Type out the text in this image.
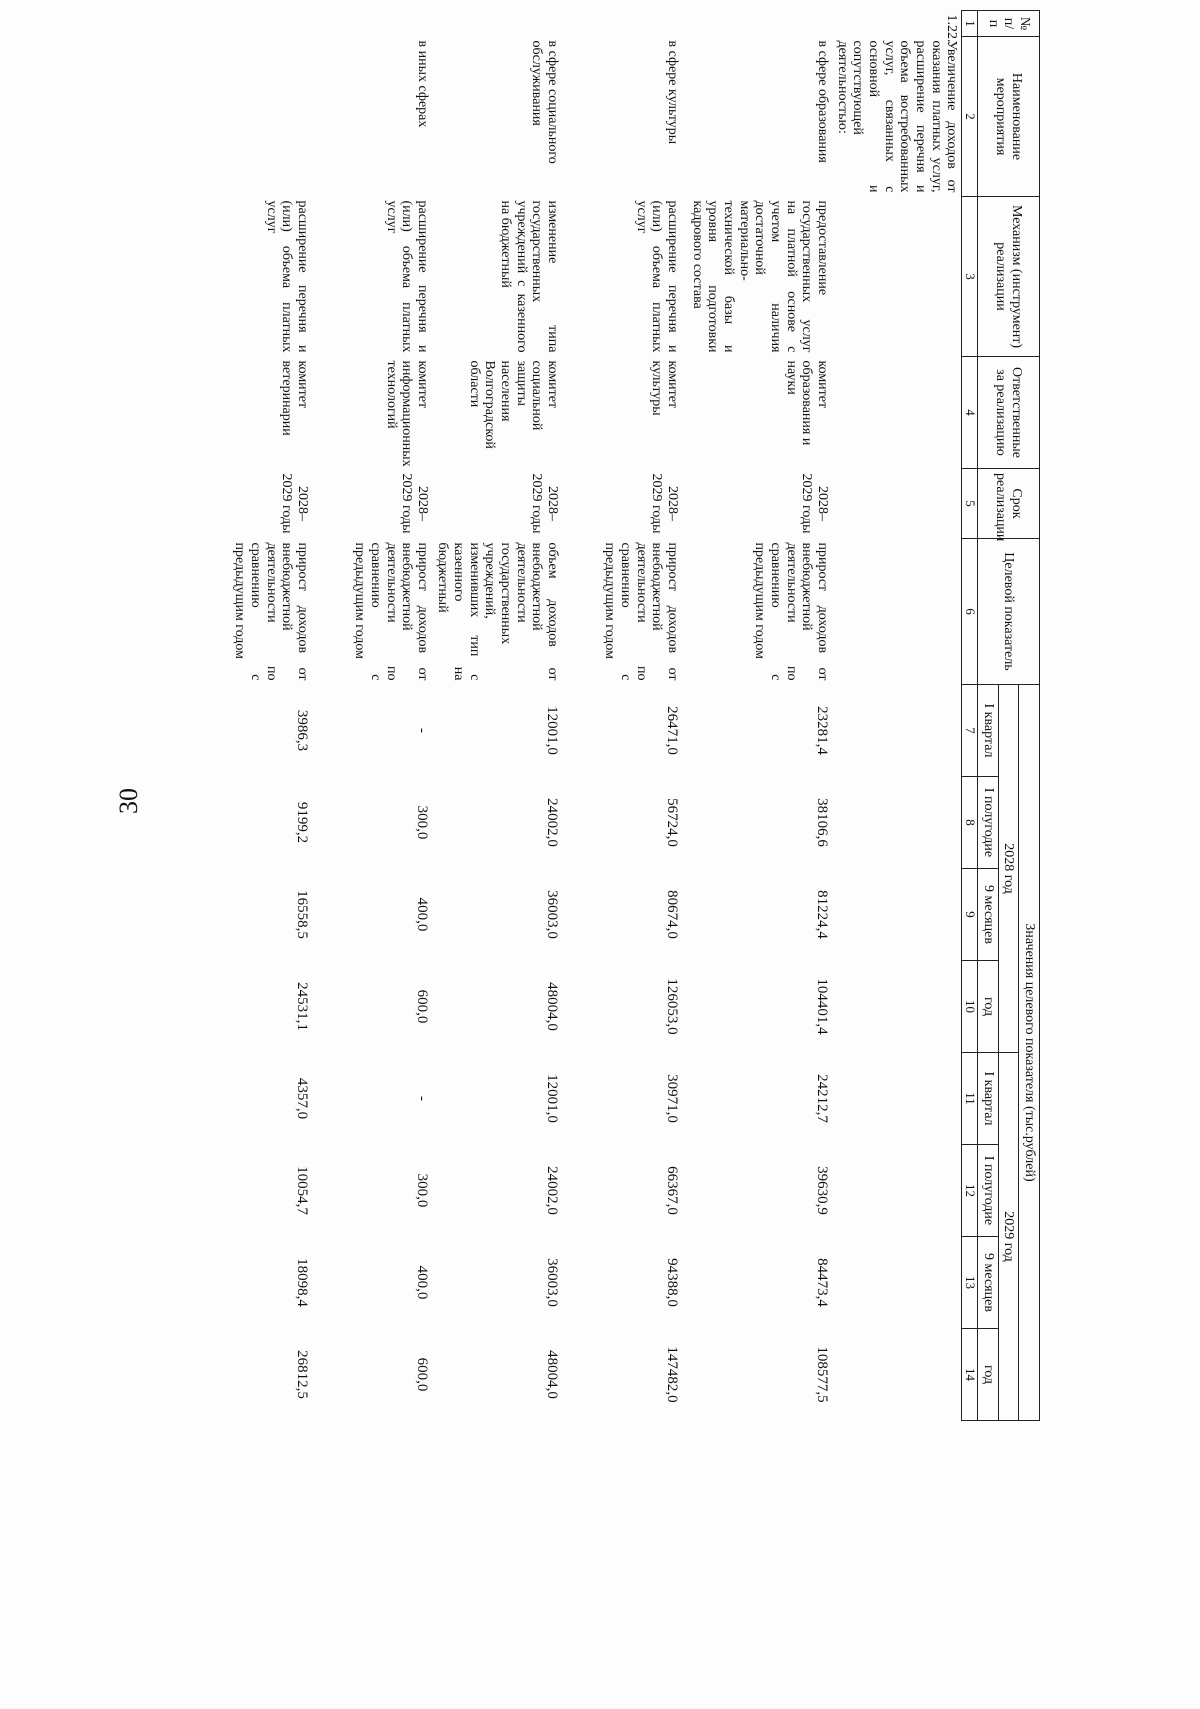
30
№ п/п	Наименование мероприятия	Механизм (инструмент) реализации	Ответственные за реализацию	Срок реализации	Целевой показатель	Значения целевого показателя (тыс.рублей)							
						2028 год				2029 год			
						I квартал	I полугодие	9 месяцев	год	I квартал	I полугодие	9 месяцев	год
1	2	3	4	5	6	7	8	9	10	11	12	13	14
1.22.	Увеличение доходов от оказания платных услуг, расширение перечня и объема востребованных услуг, связанных с основной и сопутствующей деятельностью:												
	в сфере образования	предоставление государственных услуг на платной основе с учетом наличия достаточной материально-технической базы и уровня подготовки кадрового состава	комитет образования и науки	2028–2029 годы	прирост доходов от внебюджетной деятельности по сравнению с предыдущим годом	23281,4	38106,6	81224,4	104401,4	24212,7	39630,9	84473,4	108577,5
	в сфере культуры	расширение перечня и (или) объема платных услуг	комитет культуры	2028–2029 годы	прирост доходов от внебюджетной деятельности по сравнению с предыдущим годом	26471,0	56724,0	80674,0	126053,0	30971,0	66367,0	94388,0	147482,0
	в сфере социального обслуживания	изменение типа государственных учреждений с казенного на бюджетный	комитет социальной защиты населения Волгоградской области	2028–2029 годы	объем доходов от внебюджетной деятельности государственных учреждений, изменивших тип с казенного на бюджетный	12001,0	24002,0	36003,0	48004,0	12001,0	24002,0	36003,0	48004,0
	в иных сферах	расширение перечня и (или) объема платных услуг	комитет информационных технологий	2028–2029 годы	прирост доходов от внебюджетной деятельности по сравнению с предыдущим годом	-	300,0	400,0	600,0	-	300,0	400,0	600,0
		расширение перечня и (или) объема платных услуг	комитет ветеринарии	2028–2029 годы	прирост доходов от внебюджетной деятельности по сравнению с предыдущим годом	3986,3	9199,2	16558,5	24531,1	4357,0	10054,7	18098,4	26812,5
